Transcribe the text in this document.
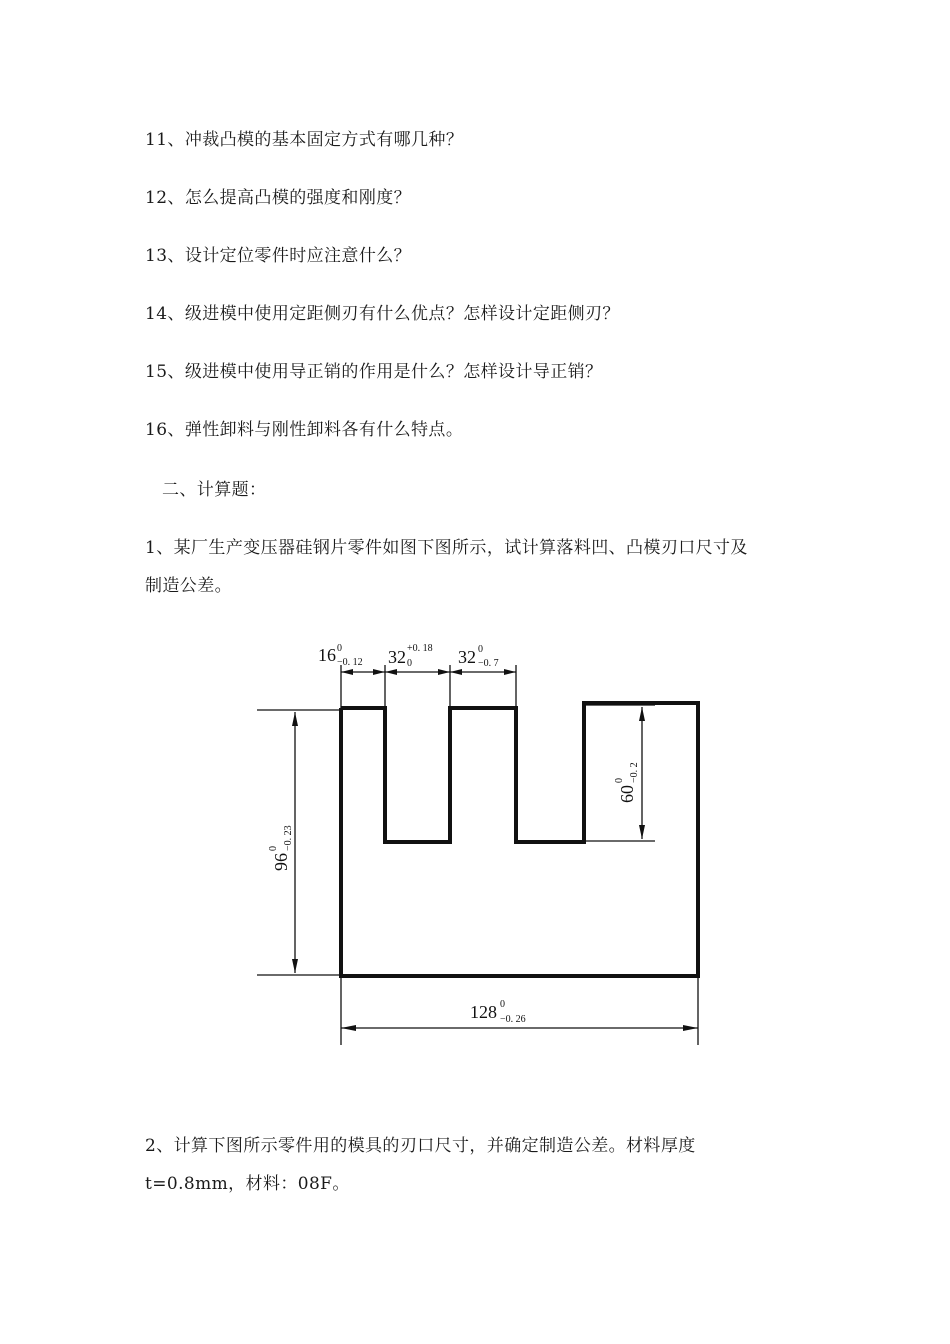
11、冲裁凸模的基本固定方式有哪几种？
12、怎么提高凸模的强度和刚度？
13、设计定位零件时应注意什么？
14、级进模中使用定距侧刃有什么优点？怎样设计定距侧刃？
15、级进模中使用导正销的作用是什么？怎样设计导正销？
16、弹性卸料与刚性卸料各有什么特点。
二、计算题：
1、某厂生产变压器硅钢片零件如图下图所示，试计算落料凹、凸模刃口尺寸及
制造公差。
16 0
−0. 12 32 +0. 18
0	32 0
−0. 7
60
0 −0. 2
96
0 −0. 23
128 0
−0. 26
2、计算下图所示零件用的模具的刃口尺寸，并确定制造公差。材料厚度
t=0.8mm，材料：08F。
